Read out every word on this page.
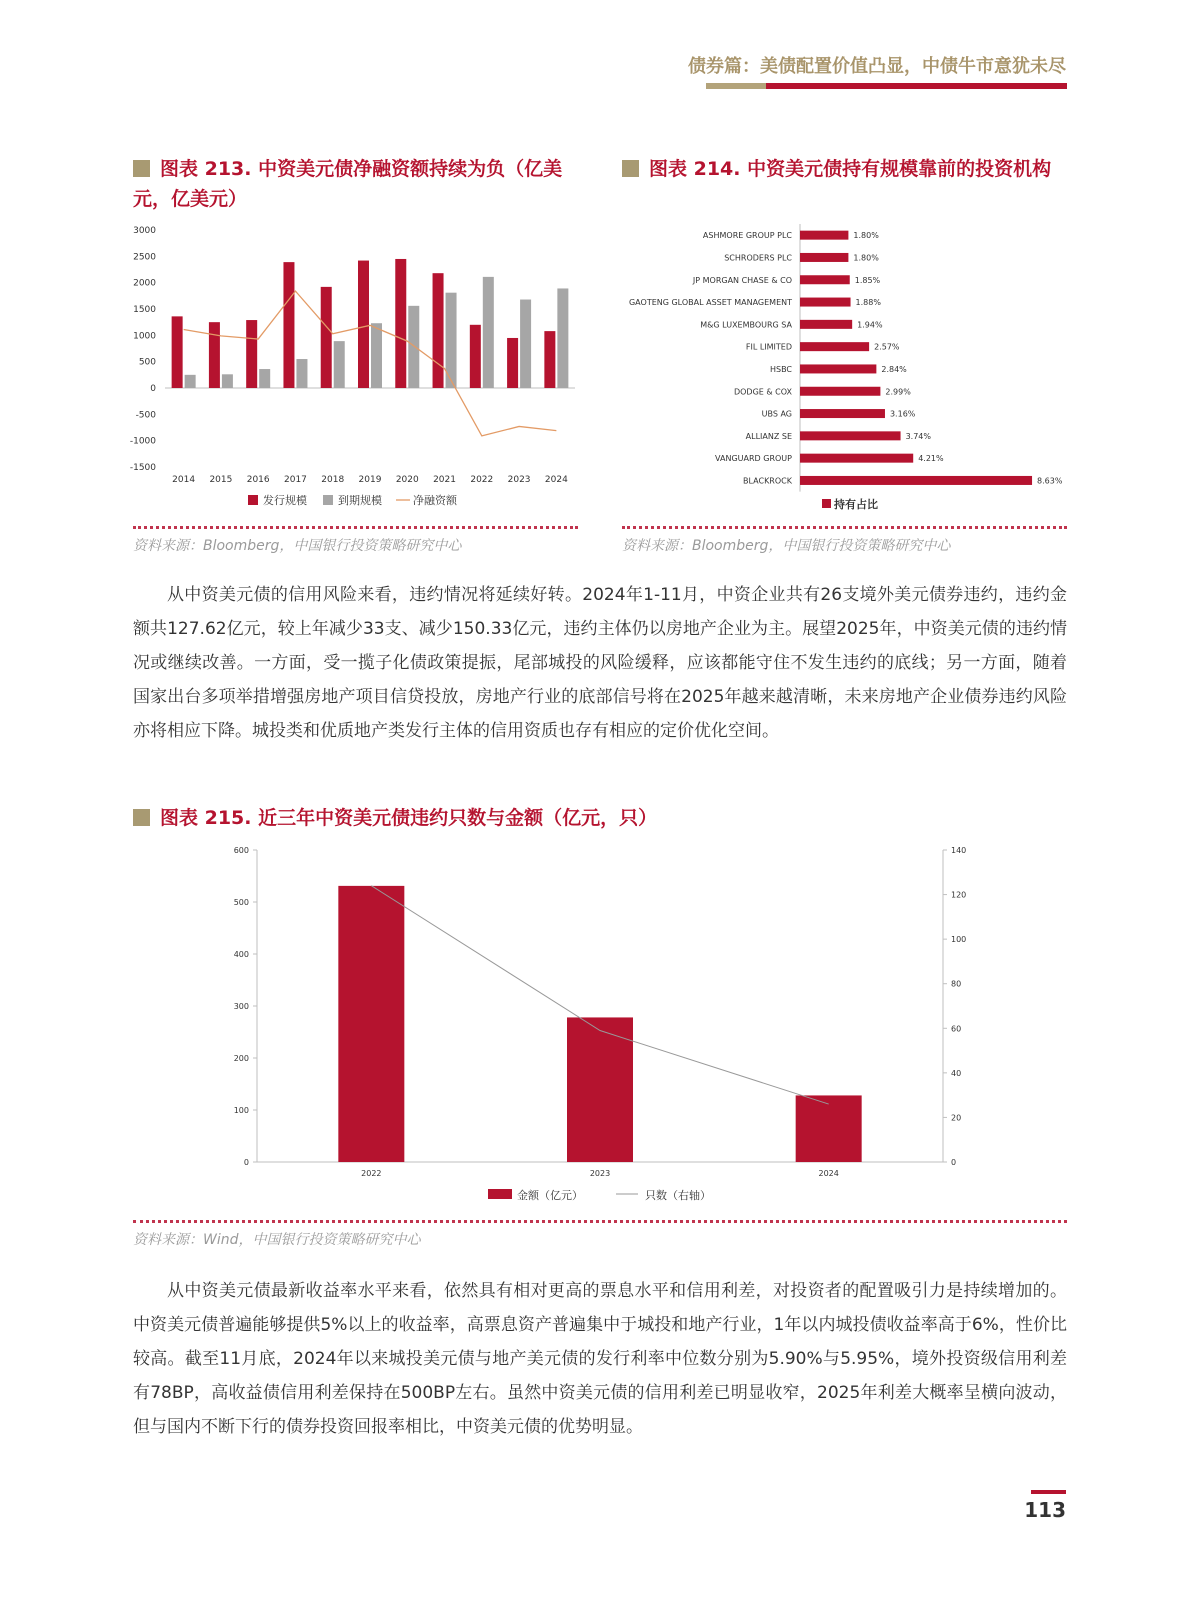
债券篇：美债配置价值凸显，中债牛市意犹未尽
图表 213. 中资美元债净融资额持续为负（亿美
元，亿美元）
3000
2500
2000
1500
1000
500
0
-500
-1000
-1500
2014 2015 2016 2017 2018 2019 2020 2021 2022 2023 2024
发行规模	到期规模	净融资额
资料来源：Bloomberg，中国银行投资策略研究中心
图表 214. 中资美元债持有规模靠前的投资机构
ASHMORE GROUP PLC	1.80%
SCHRODERS PLC	1.80%
JP MORGAN CHASE & CO	1.85%
GAOTENG GLOBAL ASSET MANAGEMENT	1.88%
M&G LUXEMBOURG SA	1.94%
FIL LIMITED	2.57%
HSBC	2.84%
DODGE & COX	2.99%
UBS AG	3.16%
ALLIANZ SE	3.74%
VANGUARD GROUP	4.21%
BLACKROCK	8.63%
持有占比
资料来源：Bloomberg，中国银行投资策略研究中心

从中资美元债的信用风险来看，违约情况将延续好转。2024年1-11月，中资企业共有26支境外美元债券违约，违约金额共127.62亿元，较上年减少33支、减少150.33亿元，违约主体仍以房地产企业为主。展望2025年，中资美元债的违约情况或继续改善。一方面，受一揽子化债政策提振，尾部城投的风险缓释，应该都能守住不发生违约的底线；另一方面，随着国家出台多项举措增强房地产项目信贷投放，房地产行业的底部信号将在2025年越来越清晰，未来房地产企业债券违约风险亦将相应下降。城投类和优质地产类发行主体的信用资质也存有相应的定价优化空间。

图表 215. 近三年中资美元债违约只数与金额（亿元，只）
600
500
400
300
200
100
0
140
120
100
80
60
40
20
0
2022	2023	2024
金额（亿元）	只数（右轴）
资料来源：Wind，中国银行投资策略研究中心

从中资美元债最新收益率水平来看，依然具有相对更高的票息水平和信用利差，对投资者的配置吸引力是持续增加的。中资美元债普遍能够提供5%以上的收益率，高票息资产普遍集中于城投和地产行业，1年以内城投债收益率高于6%，性价比较高。截至11月底，2024年以来城投美元债与地产美元债的发行利率中位数分别为5.90%与5.95%，境外投资级信用利差有78BP，高收益债信用利差保持在500BP左右。虽然中资美元债的信用利差已明显收窄，2025年利差大概率呈横向波动，但与国内不断下行的债券投资回报率相比，中资美元债的优势明显。

113
